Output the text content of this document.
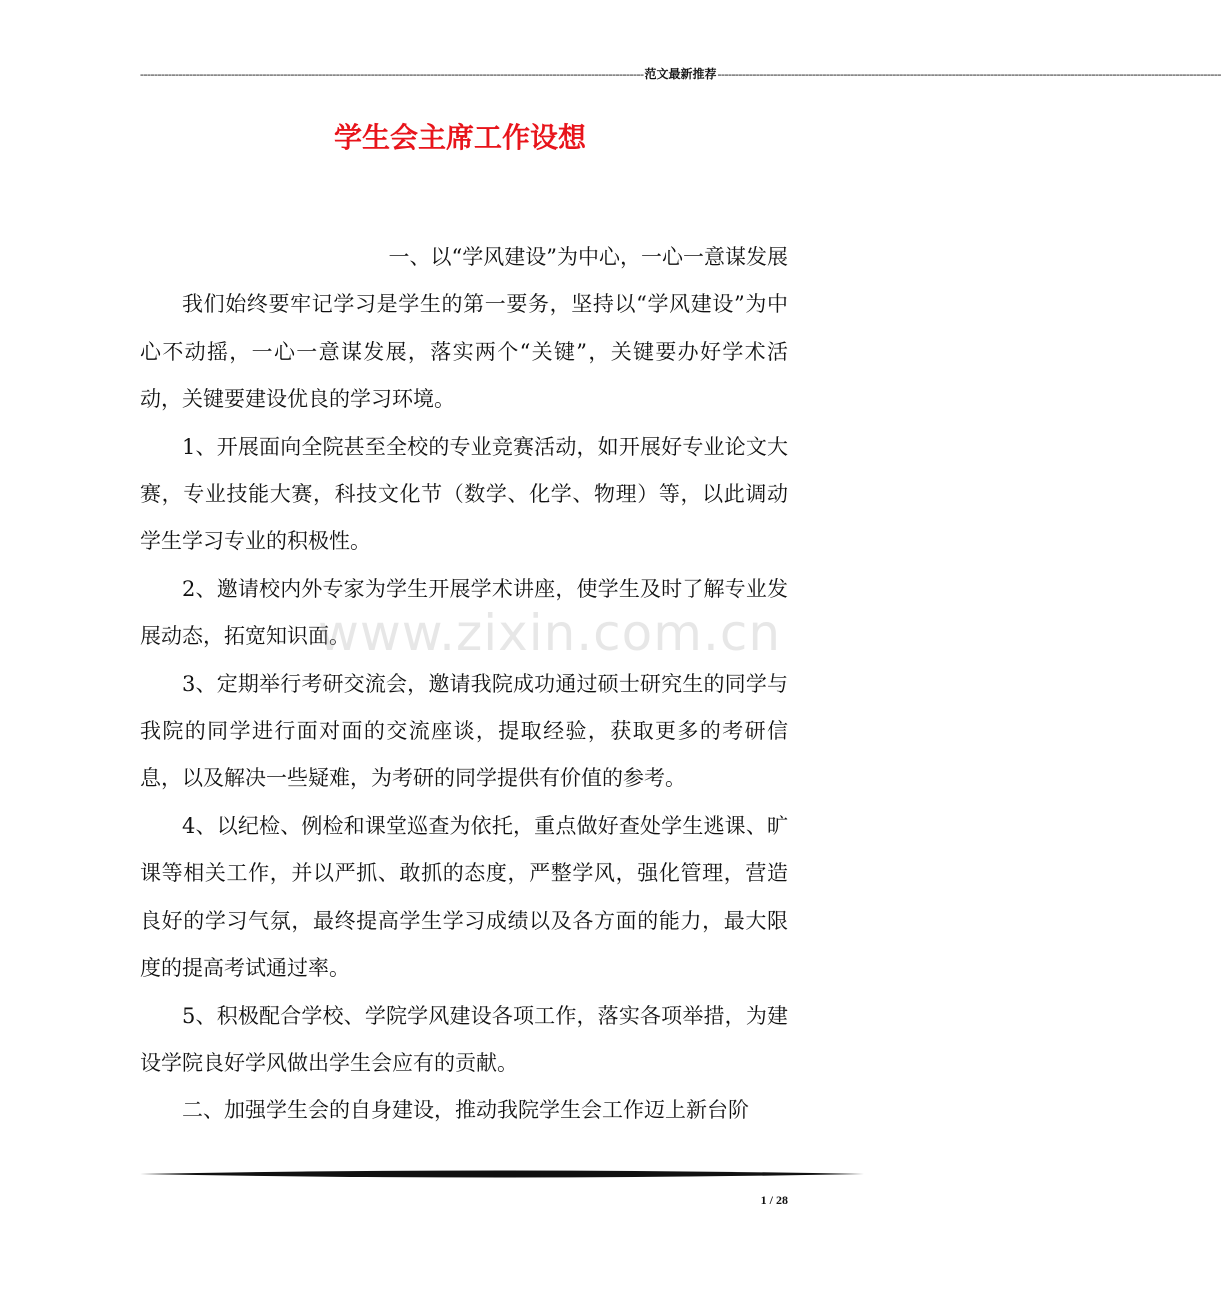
------------------------------------------------------------------------------------------------------------------------------------------------ 范文最新推荐 ------------------------------------------------------------------------------------------------------------------------------------------------
学生会主席工作设想

一、以“学风建设”为中心，一心一意谋发展

我们始终要牢记学习是学生的第一要务，坚持以“学风建设”为中心不动摇，一心一意谋发展，落实两个“关键”，关键要办好学术活动，关键要建设优良的学习环境。

1、开展面向全院甚至全校的专业竞赛活动，如开展好专业论文大赛，专业技能大赛，科技文化节（数学、化学、物理）等，以此调动学生学习专业的积极性。

2、邀请校内外专家为学生开展学术讲座，使学生及时了解专业发展动态，拓宽知识面。

3、定期举行考研交流会，邀请我院成功通过硕士研究生的同学与我院的同学进行面对面的交流座谈，提取经验，获取更多的考研信息，以及解决一些疑难，为考研的同学提供有价值的参考。

4、以纪检、例检和课堂巡查为依托，重点做好查处学生逃课、旷课等相关工作，并以严抓、敢抓的态度，严整学风，强化管理，营造良好的学习气氛，最终提高学生学习成绩以及各方面的能力，最大限度的提高考试通过率。

5、积极配合学校、学院学风建设各项工作，落实各项举措，为建设学院良好学风做出学生会应有的贡献。

二、加强学生会的自身建设，推动我院学生会工作迈上新台阶

www.zixin.com.cn
1 / 28
